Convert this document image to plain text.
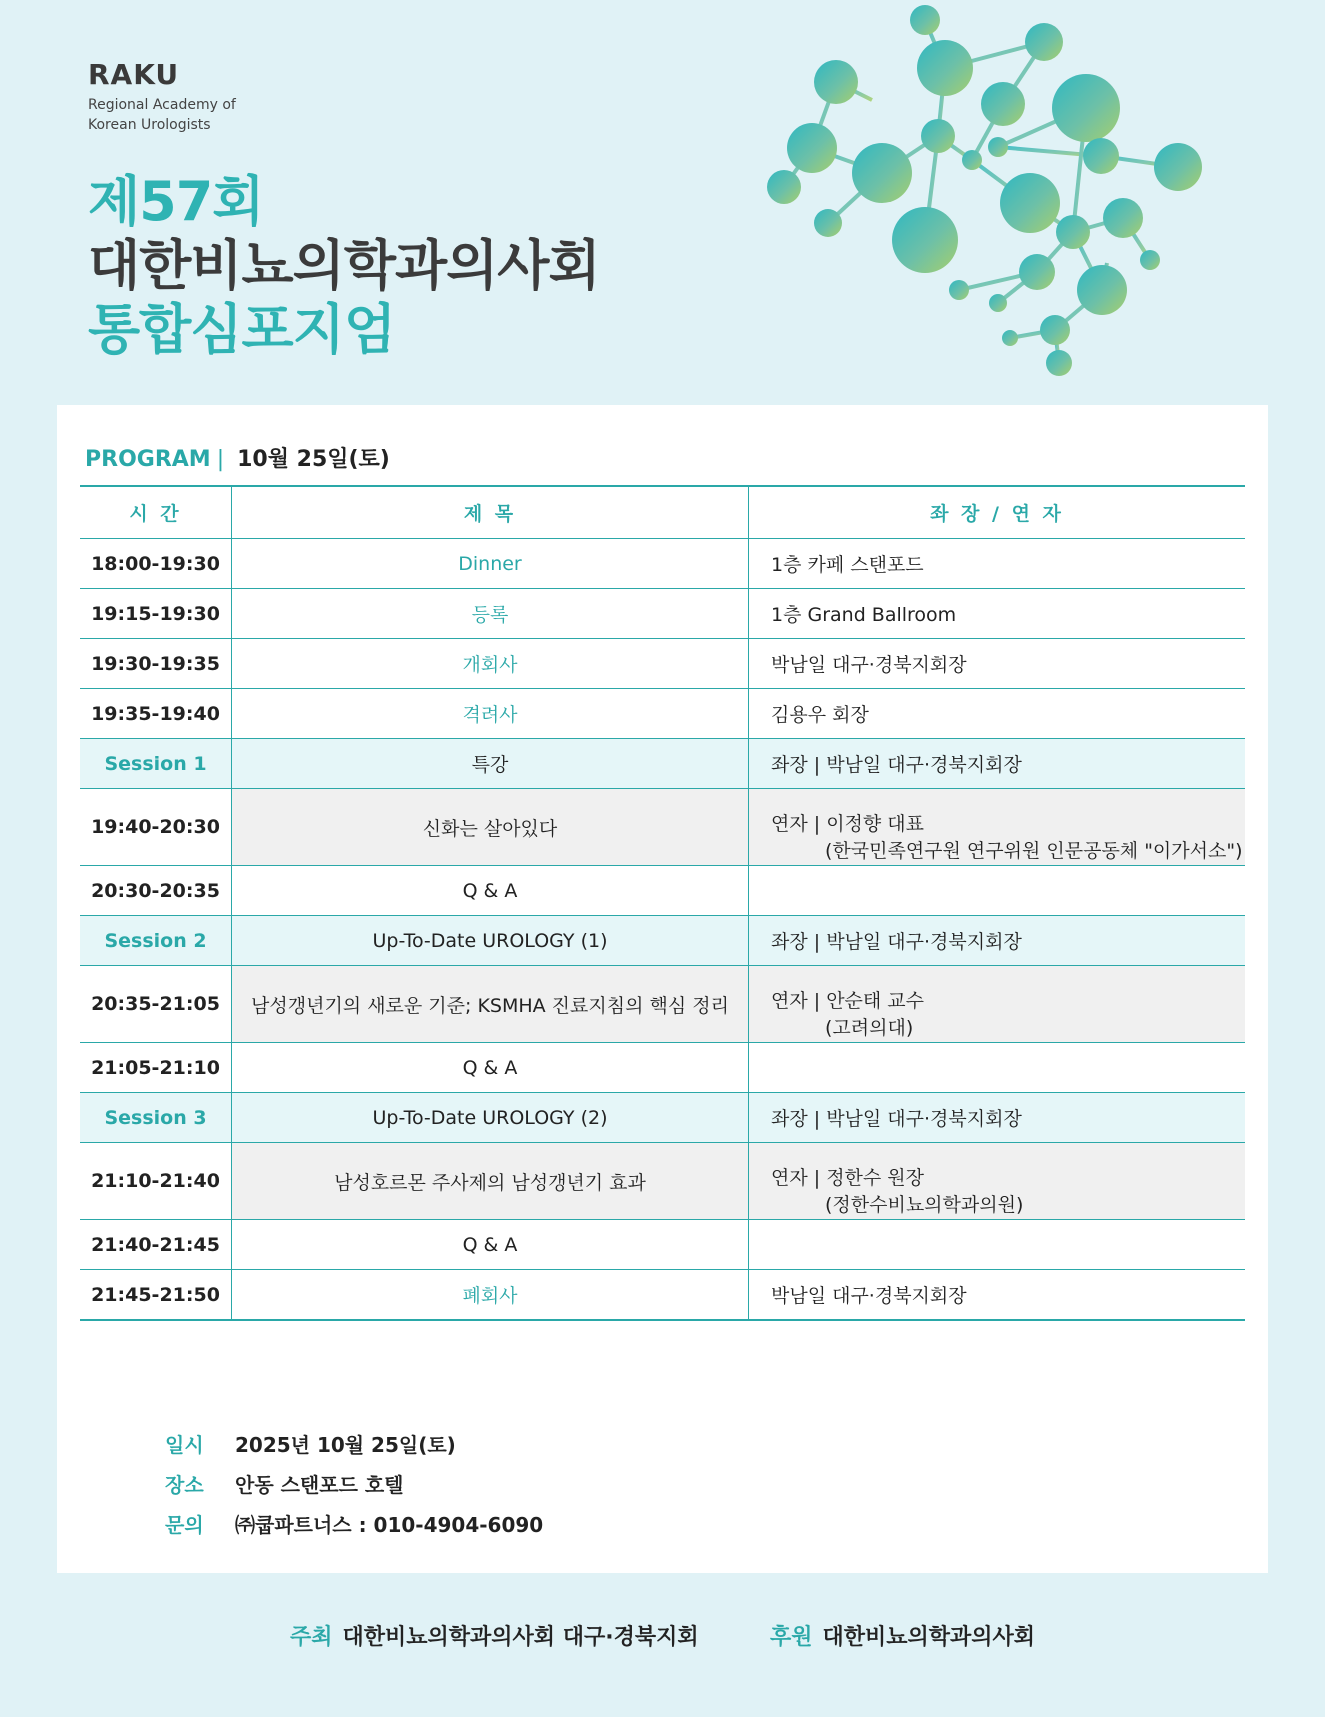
RAKU
Regional Academy of
Korean Urologists
제57회
대한비뇨의학과의사회
통합심포지엄
PROGRAM | 10월 25일(토)
시 간	제 목	좌 장 / 연 자
18:00-19:30	Dinner	1층 카페 스탠포드
19:15-19:30	등록	1층 Grand Ballroom
19:30-19:35	개회사	박남일 대구·경북지회장
19:35-19:40	격려사	김용우 회장
Session 1	특강	좌장 | 박남일 대구·경북지회장
19:40-20:30	신화는 살아있다	연자 | 이정향 대표
(한국민족연구원 연구위원 인문공동체 "이가서소")

20:30-20:35	Q & A	
Session 2	Up-To-Date UROLOGY (1)	좌장 | 박남일 대구·경북지회장
20:35-21:05	남성갱년기의 새로운 기준; KSMHA 진료지침의 핵심 정리	연자 | 안순태 교수
(고려의대)

21:05-21:10	Q & A	
Session 3	Up-To-Date UROLOGY (2)	좌장 | 박남일 대구·경북지회장
21:10-21:40	남성호르몬 주사제의 남성갱년기 효과	연자 | 정한수 원장
(정한수비뇨의학과의원)

21:40-21:45	Q & A	
21:45-21:50	폐회사	박남일 대구·경북지회장
일시	2025년 10월 25일(토)
장소	안동 스탠포드 호텔
문의	㈜쿱파트너스 : 010-4904-6090
주최 대한비뇨의학과의사회 대구·경북지회	후원 대한비뇨의학과의사회
